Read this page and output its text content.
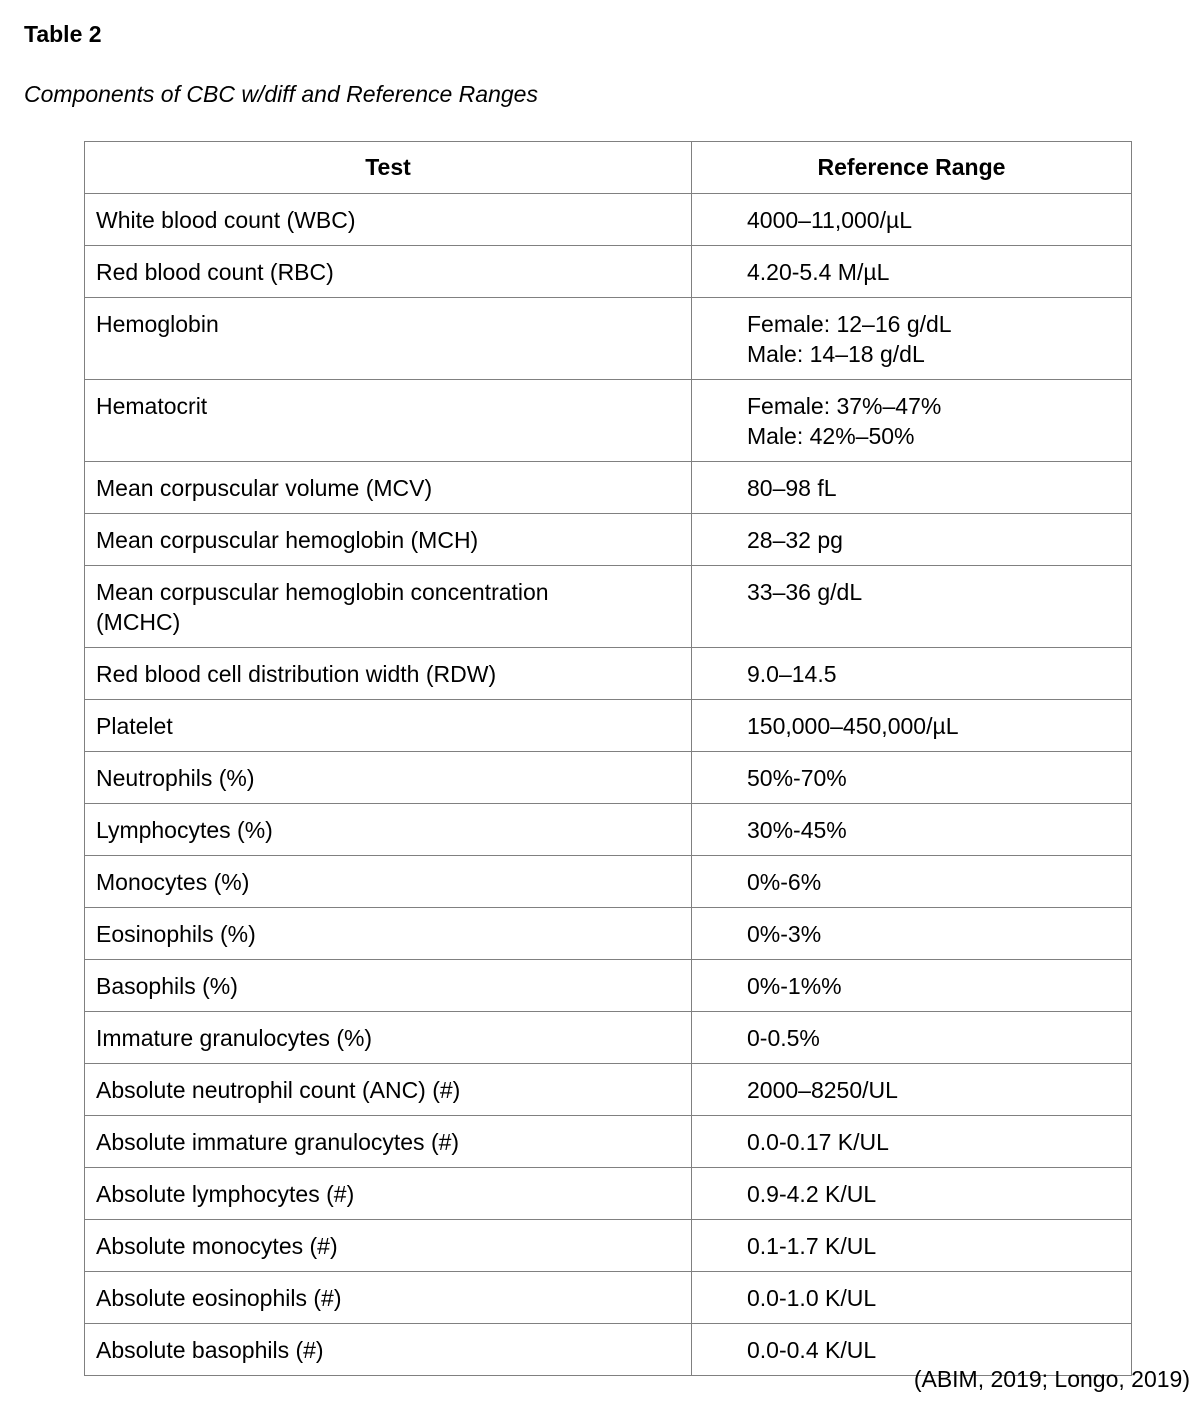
Table 2
Components of CBC w/diff and Reference Ranges
Test	Reference Range

White blood count (WBC)	4000–11,000/µL

Red blood count (RBC)	4.20-5.4 M/µL

Hemoglobin	Female: 12–16 g/dL
Male: 14–18 g/dL

Hematocrit	Female: 37%–47%
Male: 42%–50%

Mean corpuscular volume (MCV)	80–98 fL

Mean corpuscular hemoglobin (MCH)	28–32 pg

Mean corpuscular hemoglobin concentration
(MCHC)	33–36 g/dL

Red blood cell distribution width (RDW)	9.0–14.5

Platelet	150,000–450,000/µL

Neutrophils (%)	50%-70%

Lymphocytes (%)	30%-45%

Monocytes (%)	0%-6%

Eosinophils (%)	0%-3%

Basophils (%)	0%-1%%

Immature granulocytes (%)	0-0.5%

Absolute neutrophil count (ANC) (#)	2000–8250/UL

Absolute immature granulocytes (#)	0.0-0.17 K/UL

Absolute lymphocytes (#)	0.9-4.2 K/UL

Absolute monocytes (#)	0.1-1.7 K/UL

Absolute eosinophils (#)	0.0-1.0 K/UL

Absolute basophils (#)	0.0-0.4 K/UL
(ABIM, 2019; Longo, 2019)
